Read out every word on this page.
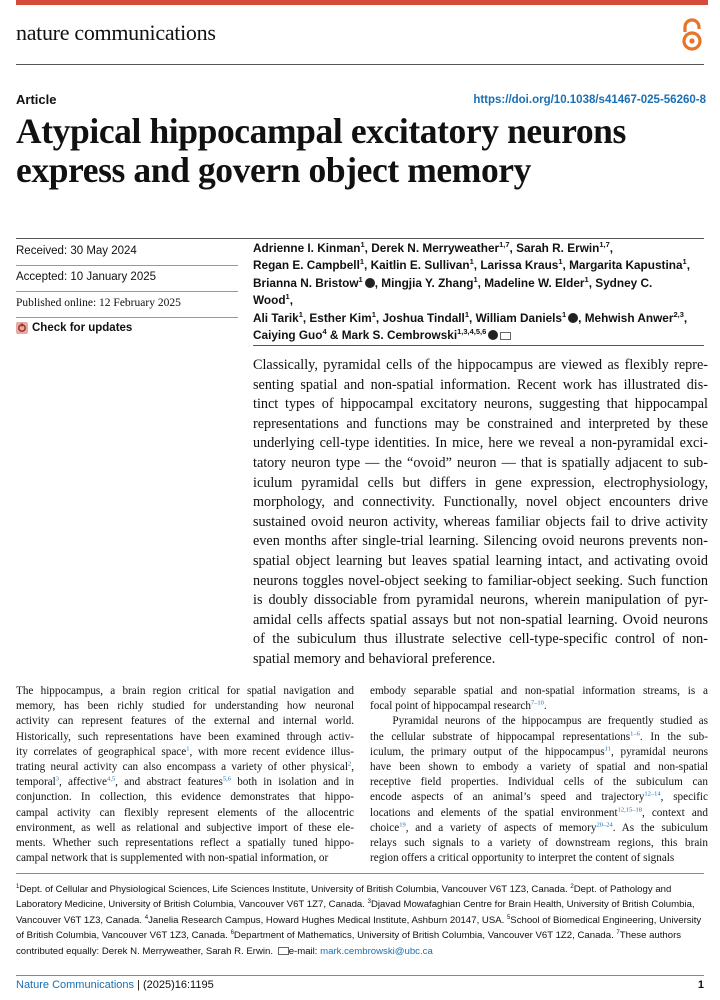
nature communications
Article	https://doi.org/10.1038/s41467-025-56260-8
Atypical hippocampal excitatory neurons
express and govern object memory
Received: 30 May 2024
Accepted: 10 January 2025
Published online: 12 February 2025
Check for updates
Adrienne I. Kinman$^1$, Derek N. Merryweather$^{1,7}$, Sarah R. Erwin$^{1,7}$,
Regan E. Campbell$^1$, Kaitlin E. Sullivan$^1$, Larissa Kraus$^1$, Margarita Kapustina$^1$,
Brianna N. Bristow$^1$ , Mingjia Y. Zhang$^1$, Madeline W. Elder$^1$, Sydney C. Wood$^1$,
Ali Tarik$^1$, Esther Kim$^1$, Joshua Tindall$^1$, William Daniels$^1$ , Mehwish Anwer$^{2,3}$,
Caiying Guo$^4$ & Mark S. Cembrowski$^{1,3,4,5,6}$
Classically, pyramidal cells of the hippocampus are viewed as flexibly repre-
senting spatial and non-spatial information. Recent work has illustrated dis-
tinct types of hippocampal excitatory neurons, suggesting that hippocampal
representations and functions may be constrained and interpreted by these
underlying cell-type identities. In mice, here we reveal a non-pyramidal exci-
tatory neuron type — the “ovoid” neuron — that is spatially adjacent to sub-
iculum pyramidal cells but differs in gene expression, electrophysiology,
morphology, and connectivity. Functionally, novel object encounters drive
sustained ovoid neuron activity, whereas familiar objects fail to drive activity
even months after single-trial learning. Silencing ovoid neurons prevents non-
spatial object learning but leaves spatial learning intact, and activating ovoid
neurons toggles novel-object seeking to familiar-object seeking. Such function
is doubly dissociable from pyramidal neurons, wherein manipulation of pyr-
amidal cells affects spatial assays but not non-spatial learning. Ovoid neurons
of the subiculum thus illustrate selective cell-type-specific control of non-
spatial memory and behavioral preference.
The hippocampus, a brain region critical for spatial navigation and
memory, has been richly studied for understanding how neuronal
activity can represent features of the external and internal world.
Historically, such representations have been examined through activ-
ity correlates of geographical space$^1$, with more recent evidence illus-
trating neural activity can also encompass a variety of other physical$^2$,
temporal$^3$, affective$^{4,5}$, and abstract features$^{5,6}$ both in isolation and in
conjunction. In collection, this evidence demonstrates that hippo-
campal activity can flexibly represent elements of the allocentric
environment, as well as relational and subjective import of these ele-
ments. Whether such representations reflect a spatially tuned hippo-
campal network that is supplemented with non-spatial information, or
embody separable spatial and non-spatial information streams, is a
focal point of hippocampal research$^{7-10}$.
  Pyramidal neurons of the hippocampus are frequently studied as
the cellular substrate of hippocampal representations$^{1-6}$. In the sub-
iculum, the primary output of the hippocampus$^{11}$, pyramidal neurons
have been shown to embody a variety of spatial and non-spatial
receptive field properties. Individual cells of the subiculum can
encode aspects of an animal’s speed and trajectory$^{12-14}$, specific
locations and elements of the spatial environment$^{12,15-18}$, context and
choice$^{19}$, and a variety of aspects of memory$^{20-24}$. As the subiculum
relays such signals to a variety of downstream regions, this brain
region offers a critical opportunity to interpret the content of signals
$^1$Dept. of Cellular and Physiological Sciences, Life Sciences Institute, University of British Columbia, Vancouver V6T 1Z3, Canada. $^2$Dept. of Pathology and Laboratory Medicine, University of British Columbia, Vancouver V6T 1Z7, Canada. $^3$Djavad Mowafaghian Centre for Brain Health, University of British Columbia, Vancouver V6T 1Z3, Canada. $^4$Janelia Research Campus, Howard Hughes Medical Institute, Ashburn 20147, USA. $^5$School of Biomedical Engineering, University of British Columbia, Vancouver V6T 1Z3, Canada. $^6$Department of Mathematics, University of British Columbia, Vancouver V6T 1Z2, Canada. $^7$These authors contributed equally: Derek N. Merryweather, Sarah R. Erwin. e-mail: mark.cembrowski@ubc.ca
Nature Communications | (2025)16:1195	1
